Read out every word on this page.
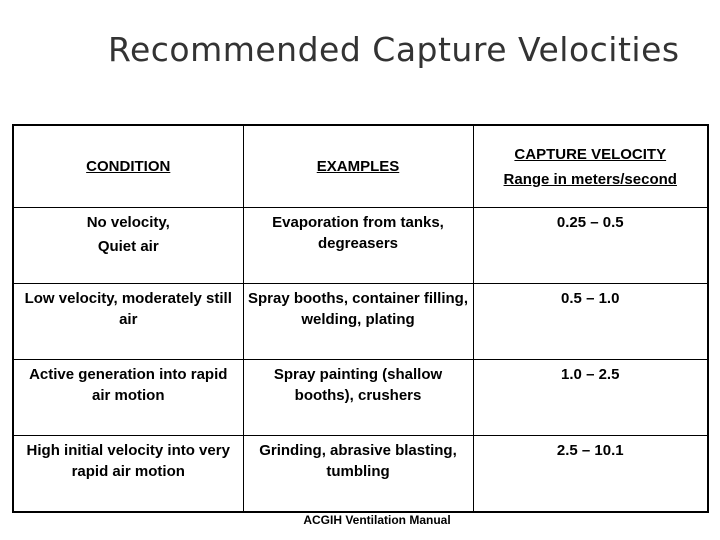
Recommended Capture Velocities
CONDITION	EXAMPLES	CAPTURE VELOCITY
Range in meters/second

No velocity,
Quiet air	Evaporation from tanks, degreasers	0.25 – 0.5

Low velocity, moderately still air	Spray booths, container filling, welding, plating	0.5 – 1.0

Active generation into rapid air motion	Spray painting (shallow booths), crushers	1.0 – 2.5

High initial velocity into very rapid air motion	Grinding, abrasive blasting, tumbling	2.5 – 10.1
ACGIH Ventilation Manual
